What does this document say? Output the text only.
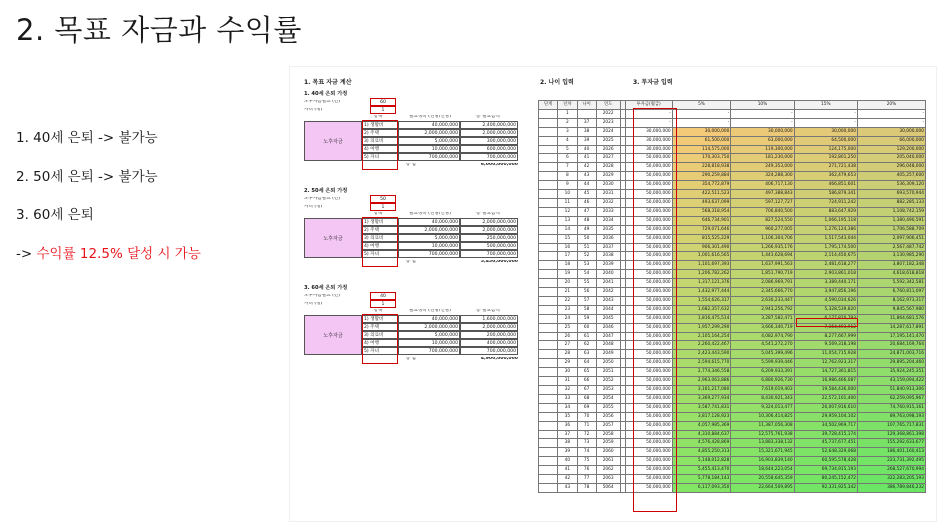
2. 목표 자금과 수익률
1. 40세 은퇴 -> 불가능
2. 50세 은퇴 -> 불가능
3. 60세 은퇴
-> 수익률 12.5% 달성 시 가능
1. 목표 자금 계산	2. 나이 입력	3. 투자금 입력
1. 40세 은퇴 가정
노후자금필요 (년)	60
자녀 (명)	1
항목	필요경비 (연당/인당)	총 필요금액
노후자금
1) 생활비	40,000,000	2,400,000,000
2) 주택	2,000,000,000	2,000,000,000
3) 의료비	5,000,000	300,000,000
4) 여행	10,000,000	600,000,000
5) 자녀	700,000,000	700,000,000
총 합	6,000,000,000
2. 50세 은퇴 가정
노후자금필요 (년)	50
자녀 (명)	1
항목	필요경비 (연당/인당)	총 필요금액
노후자금
1) 생활비	40,000,000	2,000,000,000
2) 주택	2,000,000,000	2,000,000,000
3) 의료비	5,000,000	250,000,000
4) 여행	10,000,000	500,000,000
5) 자녀	700,000,000	700,000,000
총 합	5,450,000,000
3. 60세 은퇴 가정
노후자금필요 (년)	40
자녀 (명)	1
항목	필요경비 (연당/인당)	총 필요금액
노후자금
1) 생활비	40,000,000	1,600,000,000
2) 주택	2,000,000,000	2,000,000,000
3) 의료비	5,000,000	200,000,000
4) 여행	10,000,000	400,000,000
5) 자녀	700,000,000	700,000,000
총 합	4,900,000,000
단계	년차	나이	연도		투자금(월급)	5%	10%	15%	20%
	1		2022		-	-	-	-	-
	2	37	2023		-	-	-	-	-
	3	38	2024		30,000,000	30,000,000	30,000,000	30,000,000	30,000,000
	4	39	2025		30,000,000	61,500,000	63,000,000	64,500,000	66,000,000
	5	40	2026		30,000,000	114,575,000	119,300,000	124,175,000	129,200,000
	6	41	2027		50,000,000	170,303,750	181,230,000	192,801,250	205,040,000
	7	42	2028		50,000,000	228,818,938	249,353,000	271,721,438	296,048,000
	8	43	2029		50,000,000	290,259,884	324,288,300	362,479,653	405,257,600
	9	44	2030		50,000,000	354,772,879	406,717,130	466,851,601	536,309,120
	10	45	2031		50,000,000	422,511,523	497,388,843	586,879,341	693,570,944
	11	46	2032		50,000,000	493,637,099	597,127,727	724,911,242	882,285,133
	12	47	2033		50,000,000	568,318,954	706,840,500	883,647,929	1,108,742,159
	13	48	2034		50,000,000	646,734,901	827,524,550	1,066,195,118	1,380,490,591
	14	49	2035		50,000,000	729,071,646	960,277,005	1,276,124,386	1,706,588,709
	15	50	2036		50,000,000	815,525,229	1,106,304,706	1,517,543,044	2,097,906,451
	16	51	2037		50,000,000	906,301,490	1,266,935,176	1,795,174,500	2,567,487,742
	17	52	2038		50,000,000	1,001,616,565	1,443,628,694	2,114,450,675	3,130,985,290
	18	53	2039		50,000,000	1,101,697,393	1,637,991,563	2,481,618,277	3,807,182,348
	19	54	2040		50,000,000	1,206,782,262	1,851,790,719	2,903,861,018	4,618,618,818
	20	55	2041		50,000,000	1,317,121,376	2,086,969,791	3,389,440,171	5,592,342,581
	21	56	2042		50,000,000	1,432,977,444	2,345,666,770	3,947,856,196	6,760,811,097
	22	57	2043		50,000,000	1,554,626,317	2,630,233,447	4,590,034,626	8,162,973,317
	23	58	2044		50,000,000	1,682,357,632	2,943,256,792	5,328,539,820	9,845,567,980
	24	59	2045		50,000,000	1,816,475,514	3,287,582,471	6,177,820,793	11,864,681,576
	25	60	2046		50,000,000	1,957,299,290	3,666,340,719	7,154,493,912	14,287,617,891
	26	61	2047		50,000,000	2,105,164,254	4,082,974,790	8,277,667,999	17,195,141,470
	27	62	2048		50,000,000	2,260,422,467	4,541,272,270	9,569,318,198	20,684,169,764
	28	63	2049		50,000,000	2,423,443,590	5,045,399,496	11,054,715,928	24,871,003,716
	29	64	2050		50,000,000	2,594,615,770	5,599,939,446	12,762,923,317	29,895,204,460
	30	65	2051		50,000,000	2,774,346,558	6,209,933,391	14,727,361,815	35,924,245,351
	31	66	2052		50,000,000	2,963,063,886	6,880,926,730	16,986,466,087	43,159,094,422
	32	67	2053		50,000,000	3,161,217,080	7,619,019,403	19,584,436,000	51,840,913,306
	33	68	2054		50,000,000	3,369,277,934	8,430,921,343	22,572,101,400	62,259,095,967
	34	69	2055		50,000,000	3,587,741,831	9,324,013,477	26,007,916,610	74,760,915,161
	35	70	2056		50,000,000	3,817,128,923	10,306,414,825	29,959,104,102	89,763,098,193
	36	71	2057		50,000,000	4,057,985,369	11,387,056,308	34,502,969,717	107,765,717,831
	37	72	2058		50,000,000	4,310,884,637	12,575,761,938	39,728,415,174	129,368,861,398
	38	73	2059		50,000,000	4,576,428,869	13,883,338,132	45,737,677,451	155,292,633,677
	39	74	2060		50,000,000	4,855,250,313	15,321,671,945	52,648,329,068	186,401,160,413
	40	75	2061		50,000,000	5,148,012,828	16,903,839,140	60,595,578,428	223,731,392,495
	41	76	2062		50,000,000	5,455,413,470	18,644,223,054	69,734,915,193	268,527,670,994
	42	77	2063		50,000,000	5,778,184,143	20,558,645,359	80,245,152,472	322,283,205,193
	43	78	5064		50,000,000	6,117,093,350	22,664,509,895	92,331,925,342	386,789,846,232
